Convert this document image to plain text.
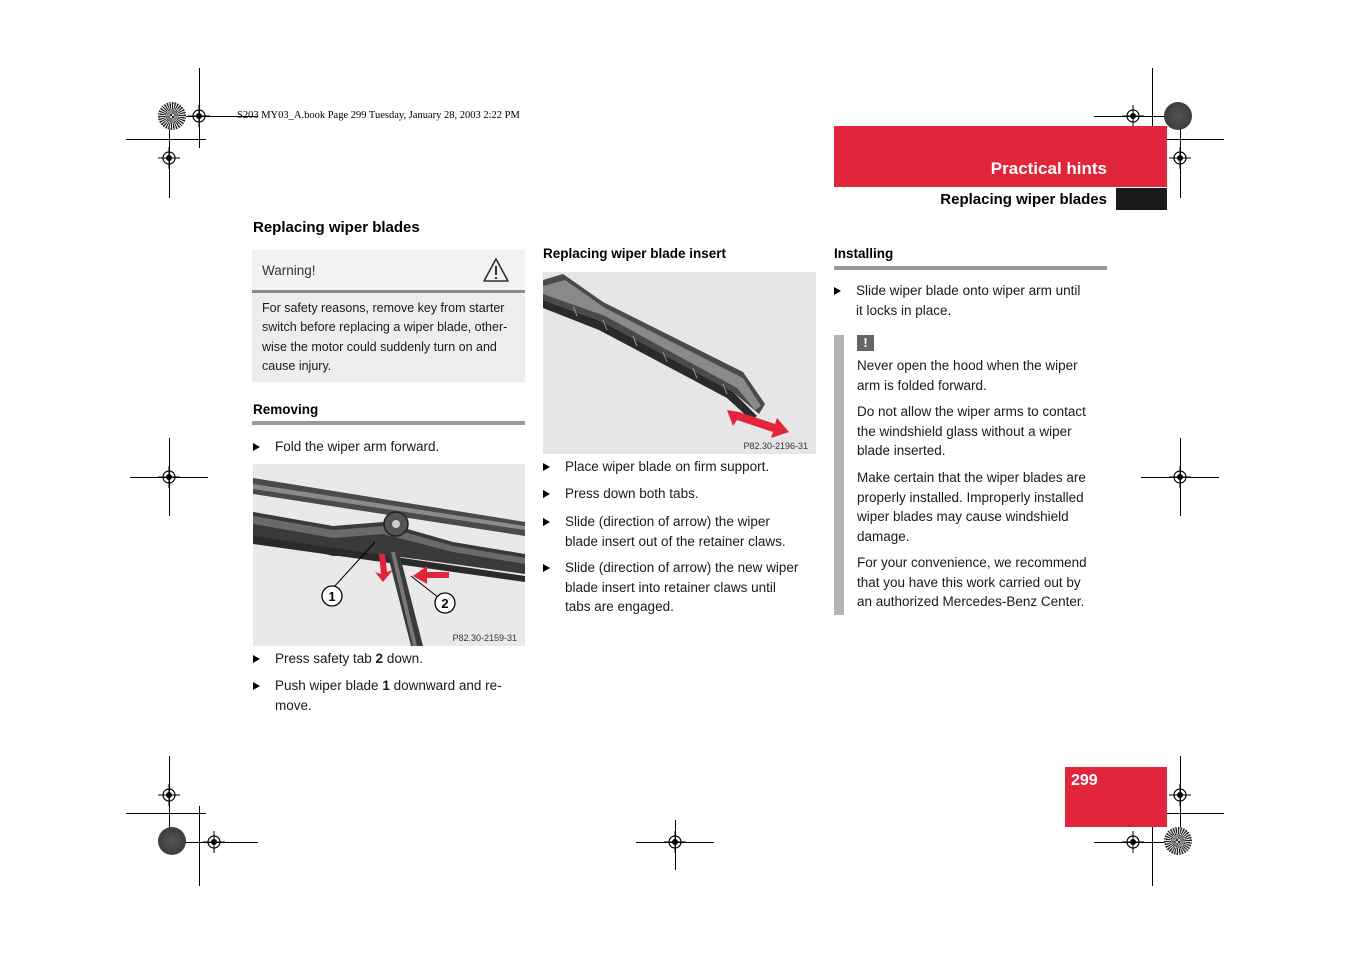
S203 MY03_A.book Page 299 Tuesday, January 28, 2003 2:22 PM
Practical hints
Replacing wiper blades
299
Replacing wiper blades
Warning!
For safety reasons, remove key from starter
switch before replacing a wiper blade, other-
wise the motor could suddenly turn on and
cause injury.
Removing
Fold the wiper arm forward.
1	2
P82.30-2159-31
Press safety tab 2 down.
Push wiper blade 1 downward and re-
move.
Replacing wiper blade insert
P82.30-2196-31
Place wiper blade on firm support.
Press down both tabs.
Slide (direction of arrow) the wiper
blade insert out of the retainer claws.
Slide (direction of arrow) the new wiper
blade insert into retainer claws until
tabs are engaged.
Installing
Slide wiper blade onto wiper arm until
it locks in place.
!
Never open the hood when the wiper
arm is folded forward.
Do not allow the wiper arms to contact
the windshield glass without a wiper
blade inserted.
Make certain that the wiper blades are
properly installed. Improperly installed
wiper blades may cause windshield
damage.
For your convenience, we recommend
that you have this work carried out by
an authorized Mercedes-Benz Center.
